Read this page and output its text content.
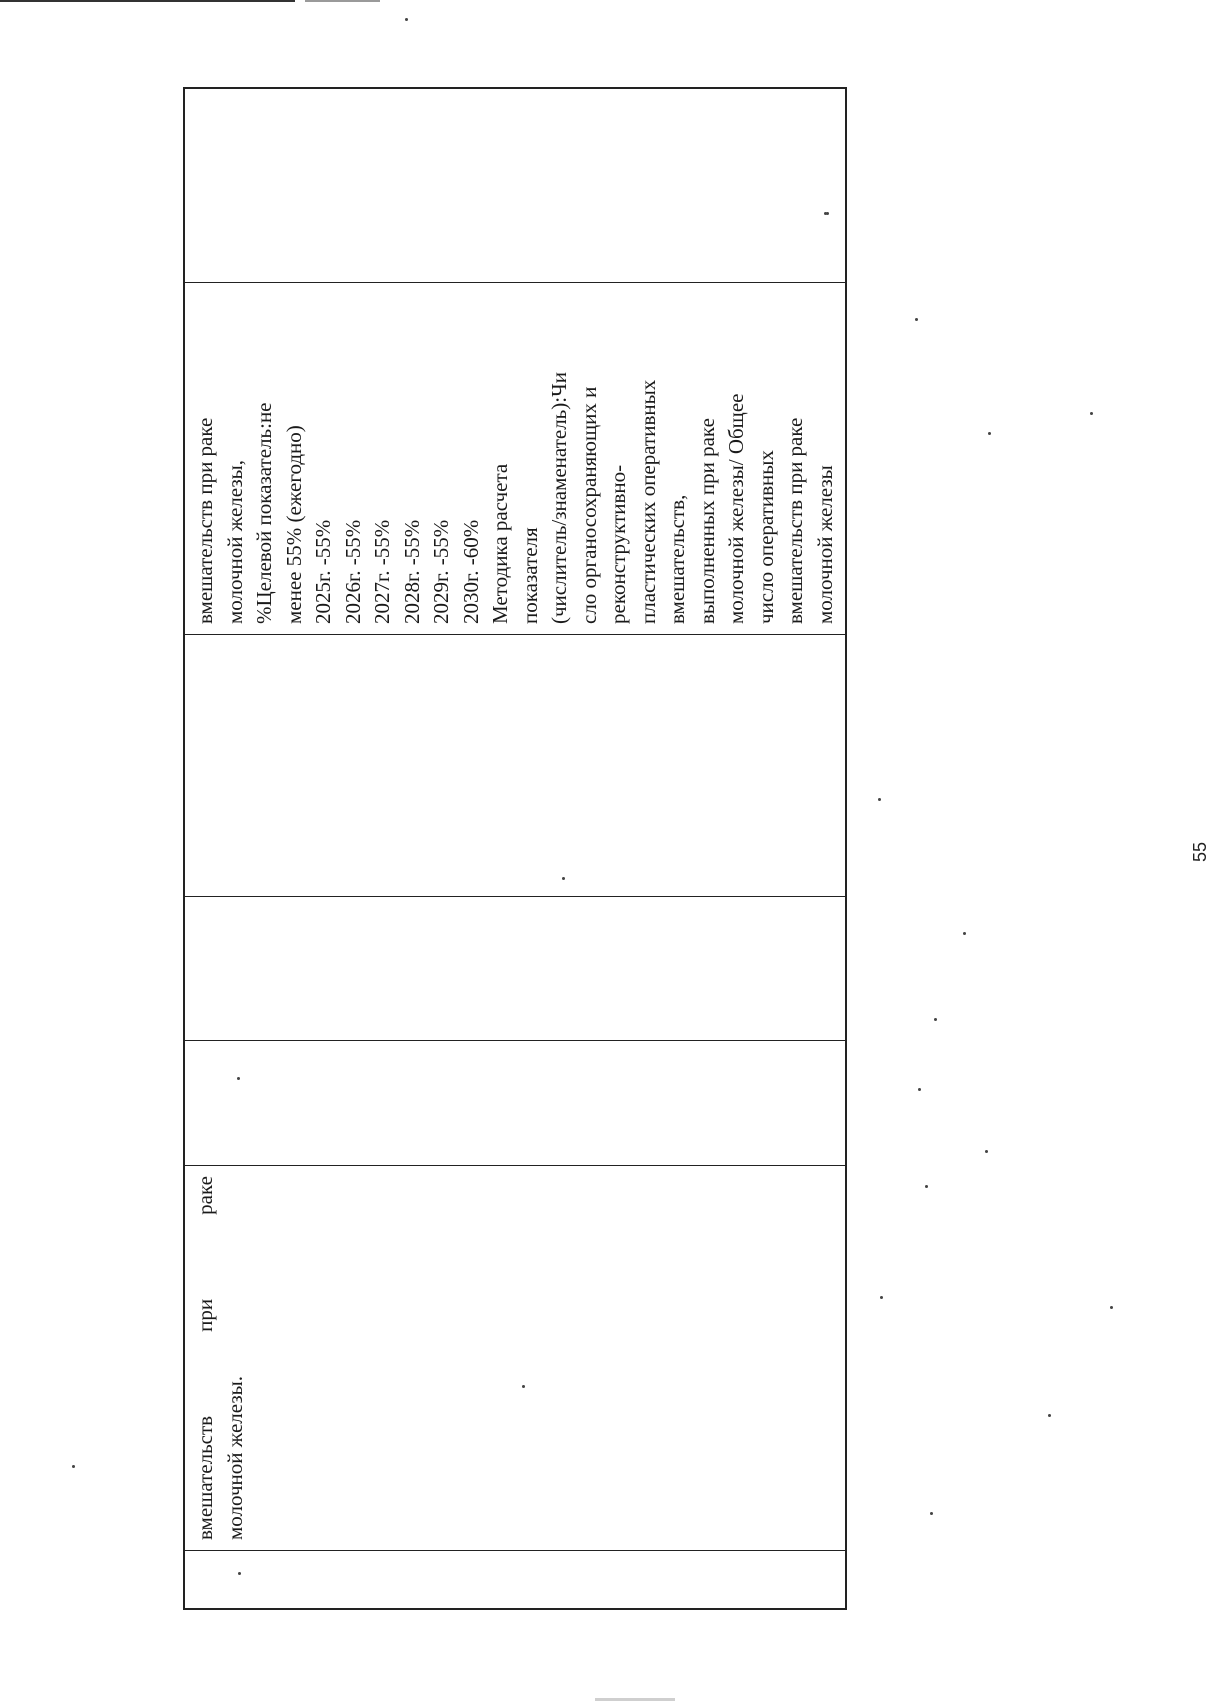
вмешательств
при
раке
молочной железы.
вмешательств при раке молочной железы, %Целевой показатель:не менее 55% (ежегодно) 2025г. -55% 2026г. -55% 2027г. -55% 2028г. -55% 2029г. -55% 2030г. -60% Методика расчета показателя (числитель/знаменатель):Чи сло органосохраняющих и реконструктивно- пластических оперативных вмешательств, выполненных при раке молочной железы/ Общее число оперативных вмешательств при раке молочной железы
55
